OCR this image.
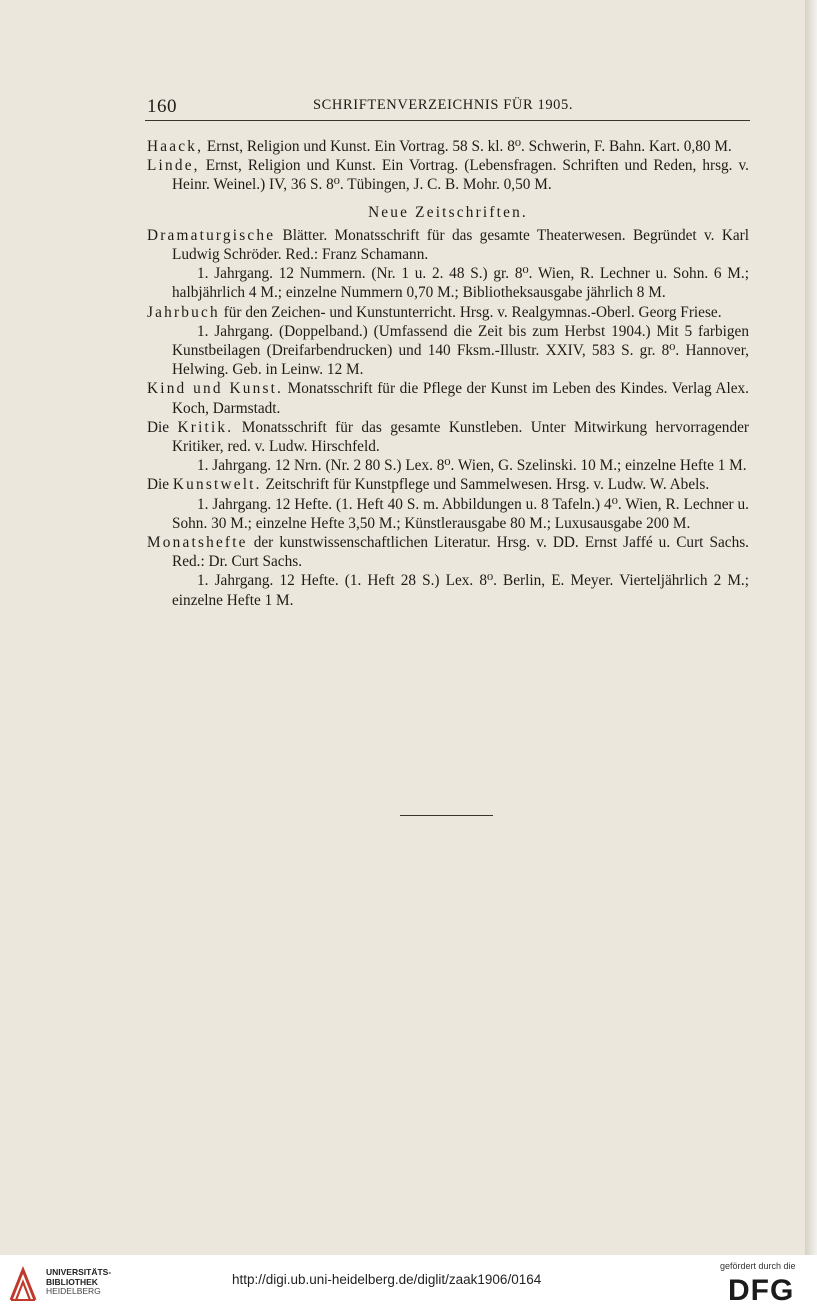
160	SCHRIFTENVERZEICHNIS FÜR 1905.

Haack, Ernst, Religion und Kunst. Ein Vortrag. 58 S. kl. 8⁰. Schwerin, F. Bahn. Kart. 0,80 M.

Linde, Ernst, Religion und Kunst. Ein Vortrag. (Lebensfragen. Schriften und Reden, hrsg. v. Heinr. Weinel.) IV, 36 S. 8⁰. Tübingen, J. C. B. Mohr. 0,50 M.

Neue Zeitschriften.

Dramaturgische Blätter. Monatsschrift für das gesamte Theaterwesen. Begründet v. Karl Ludwig Schröder. Red.: Franz Schamann.
1. Jahrgang. 12 Nummern. (Nr. 1 u. 2. 48 S.) gr. 8⁰. Wien, R. Lechner u. Sohn. 6 M.; halbjährlich 4 M.; einzelne Nummern 0,70 M.; Bibliotheksausgabe jährlich 8 M.

Jahrbuch für den Zeichen- und Kunstunterricht. Hrsg. v. Realgymnas.-Oberl. Georg Friese.
1. Jahrgang. (Doppelband.) (Umfassend die Zeit bis zum Herbst 1904.) Mit 5 farbigen Kunstbeilagen (Dreifarbendrucken) und 140 Fksm.-Illustr. XXIV, 583 S. gr. 8⁰. Hannover, Helwing. Geb. in Leinw. 12 M.

Kind und Kunst. Monatsschrift für die Pflege der Kunst im Leben des Kindes. Verlag Alex. Koch, Darmstadt.

Die Kritik. Monatsschrift für das gesamte Kunstleben. Unter Mitwirkung hervorragender Kritiker, red. v. Ludw. Hirschfeld.
1. Jahrgang. 12 Nrn. (Nr. 2 80 S.) Lex. 8⁰. Wien, G. Szelinski. 10 M.; einzelne Hefte 1 M.

Die Kunstwelt. Zeitschrift für Kunstpflege und Sammelwesen. Hrsg. v. Ludw. W. Abels.
1. Jahrgang. 12 Hefte. (1. Heft 40 S. m. Abbildungen u. 8 Tafeln.) 4⁰. Wien, R. Lechner u. Sohn. 30 M.; einzelne Hefte 3,50 M.; Künstlerausgabe 80 M.; Luxusausgabe 200 M.

Monatshefte der kunstwissenschaftlichen Literatur. Hrsg. v. DD. Ernst Jaffé u. Curt Sachs. Red.: Dr. Curt Sachs.
1. Jahrgang. 12 Hefte. (1. Heft 28 S.) Lex. 8⁰. Berlin, E. Meyer. Vierteljährlich 2 M.; einzelne Hefte 1 M.

UNIVERSITÄTS-
BIBLIOTHEK
HEIDELBERG
http://digi.ub.uni-heidelberg.de/diglit/zaak1906/0164
gefördert durch die
DFG
